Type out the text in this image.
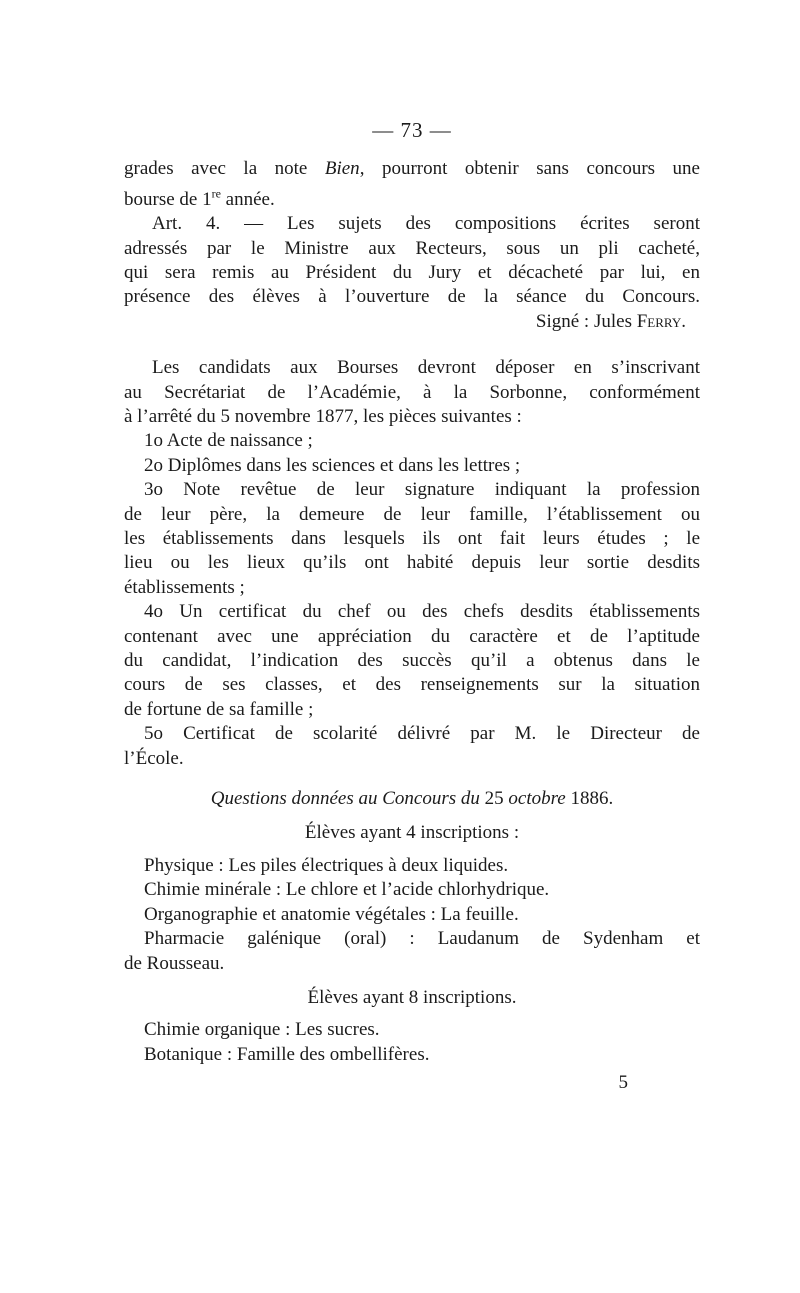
— 73 —
grades avec la note Bien, pourront obtenir sans concours une
bourse de 1re année.
Art. 4. — Les sujets des compositions écrites seront
adressés par le Ministre aux Recteurs, sous un pli cacheté,
qui sera remis au Président du Jury et décacheté par lui, en
présence des élèves à l’ouverture de la séance du Concours.
Signé : Jules Ferry.
Les candidats aux Bourses devront déposer en s’inscrivant
au Secrétariat de l’Académie, à la Sorbonne, conformément
à l’arrêté du 5 novembre 1877, les pièces suivantes :
1o Acte de naissance ;
2o Diplômes dans les sciences et dans les lettres ;
3o Note revêtue de leur signature indiquant la profession
de leur père, la demeure de leur famille, l’établissement ou
les établissements dans lesquels ils ont fait leurs études ; le
lieu ou les lieux qu’ils ont habité depuis leur sortie desdits
établissements ;
4o Un certificat du chef ou des chefs desdits établissements
contenant avec une appréciation du caractère et de l’aptitude
du candidat, l’indication des succès qu’il a obtenus dans le
cours de ses classes, et des renseignements sur la situation
de fortune de sa famille ;
5o Certificat de scolarité délivré par M. le Directeur de
l’École.
Questions données au Concours du 25 octobre 1886.
Élèves ayant 4 inscriptions :
Physique : Les piles électriques à deux liquides.
Chimie minérale : Le chlore et l’acide chlorhydrique.
Organographie et anatomie végétales : La feuille.
Pharmacie galénique (oral) : Laudanum de Sydenham et
de Rousseau.
Élèves ayant 8 inscriptions.
Chimie organique : Les sucres.
Botanique : Famille des ombellifères.
5
